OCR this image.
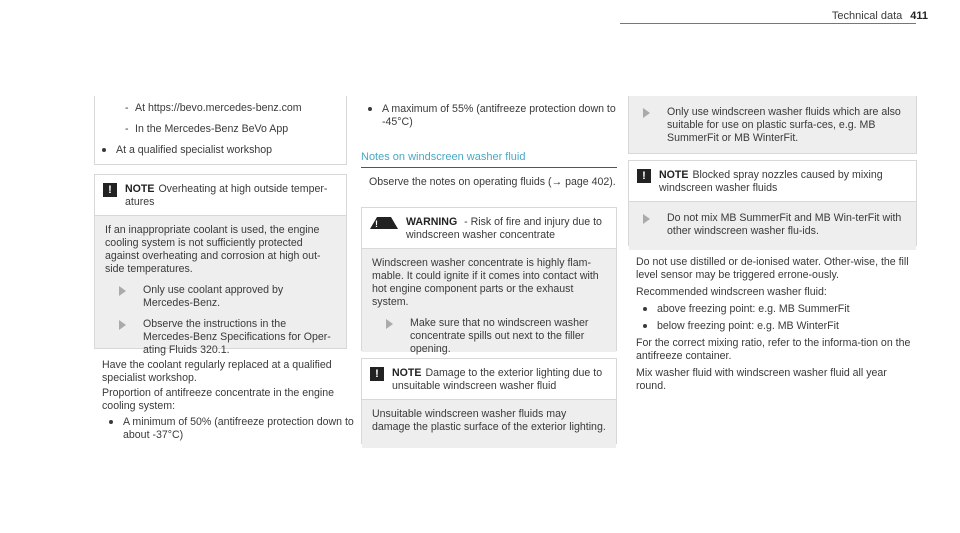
Technical data 411
- At https://bevo.mercedes-benz.com
- In the Mercedes-Benz BeVo App
At a qualified specialist workshop
!	NOTE Overheating at high outside temper-atures

If an inappropriate coolant is used, the engine cooling system is not sufficiently protected against overheating and corrosion at high out-side temperatures.

Only use coolant approved by Mercedes-Benz.
Observe the instructions in the Mercedes-Benz Specifications for Oper-ating Fluids 320.1.

Have the coolant regularly replaced at a qualified specialist workshop.

Proportion of antifreeze concentrate in the engine cooling system:

A minimum of 50% (antifreeze protection down to about -37°C)
A maximum of 55% (antifreeze protection down to -45°C)

Notes on windscreen washer fluid

Observe the notes on operating fluids (→ page 402).

!
WARNING - Risk of fire and injury due to windscreen washer concentrate

Windscreen washer concentrate is highly flam-mable. It could ignite if it comes into contact with hot engine component parts or the exhaust system.

Make sure that no windscreen washer concentrate spills out next to the filler opening.
!	NOTE Damage to the exterior lighting due to unsuitable windscreen washer fluid

Unsuitable windscreen washer fluids may damage the plastic surface of the exterior lighting.

Only use windscreen washer fluids which are also suitable for use on plastic surfa-ces, e.g. MB SummerFit or MB WinterFit.
!	NOTE Blocked spray nozzles caused by mixing windscreen washer fluids
Do not mix MB SummerFit and MB Win-terFit with other windscreen washer flu-ids.

Do not use distilled or de-ionised water. Other-wise, the fill level sensor may be triggered errone-ously.

Recommended windscreen washer fluid:

above freezing point: e.g. MB SummerFit
below freezing point: e.g. MB WinterFit

For the correct mixing ratio, refer to the informa-tion on the antifreeze container.

Mix washer fluid with windscreen washer fluid all year round.
